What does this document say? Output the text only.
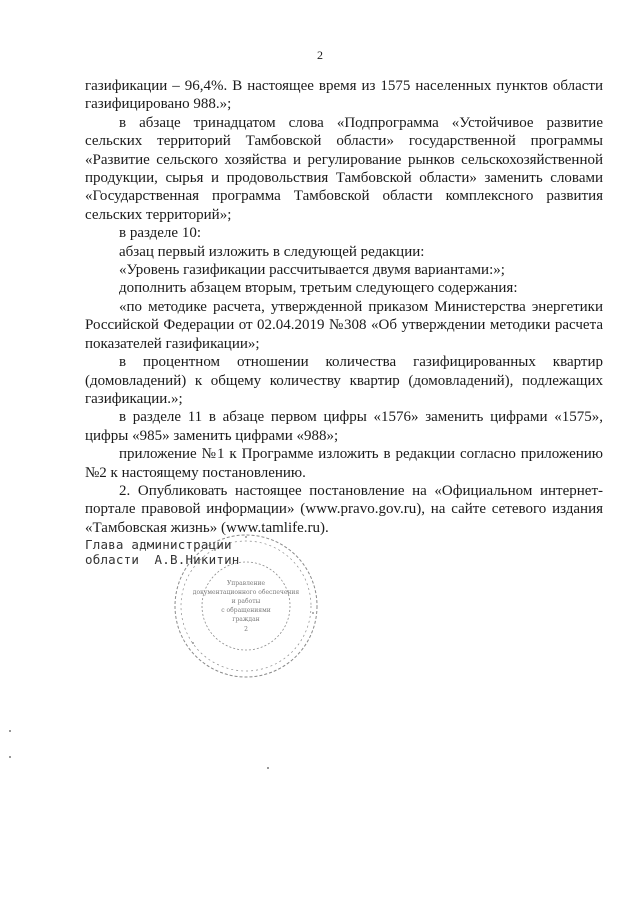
2

газификации – 96,4%. В настоящее время из 1575 населенных пунктов области газифицировано 988.»;

в абзаце тринадцатом слова «Подпрограмма «Устойчивое развитие сельских территорий Тамбовской области» государственной программы «Развитие сельского хозяйства и регулирование рынков сельскохозяйственной продукции, сырья и продовольствия Тамбовской области» заменить словами «Государственная программа Тамбовской области комплексного развития сельских территорий»;

в разделе 10:

абзац первый изложить в следующей редакции:

«Уровень газификации рассчитывается двумя вариантами:»;

дополнить абзацем вторым, третьим следующего содержания:

«по методике расчета, утвержденной приказом Министерства энергетики Российской Федерации от 02.04.2019 №308 «Об утверждении методики расчета показателей газификации»;

в процентном отношении количества газифицированных квартир (домовладений) к общему количеству квартир (домовладений), подлежащих газификации.»;

в разделе 11 в абзаце первом цифры «1576» заменить цифрами «1575», цифры «985» заменить цифрами «988»;

приложение №1 к Программе изложить в редакции согласно приложению №2 к настоящему постановлению.

2. Опубликовать настоящее постановление на «Официальном интернет-портале правовой информации» (www.pravo.gov.ru), на сайте сетевого издания «Тамбовская жизнь» (www.tamlife.ru).

Глава администрации
области А.В.Никитин
Управление
документационного обеспечения
и работы
с обращениями
граждан
2
